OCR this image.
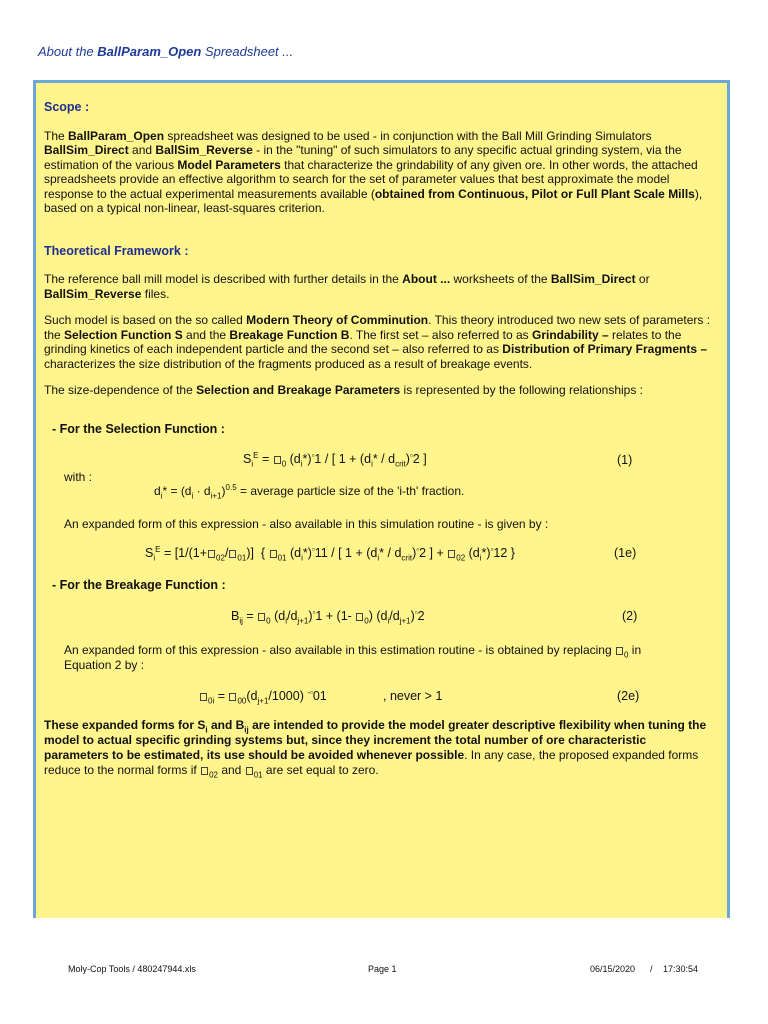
About the BallParam_Open Spreadsheet ...
Scope :

The BallParam_Open spreadsheet was designed to be used - in conjunction with the Ball Mill Grinding Simulators BallSim_Direct and BallSim_Reverse - in the "tuning" of such simulators to any specific actual grinding system, via the estimation of the various Model Parameters that characterize the grindability of any given ore. In other words, the attached spreadsheets provide an effective algorithm to search for the set of parameter values that best approximate the model response to the actual experimental measurements available (obtained from Continuous, Pilot or Full Plant Scale Mills), based on a typical non-linear, least-squares criterion.

Theoretical Framework :

The reference ball mill model is described with further details in the About ... worksheets of the BallSim_Direct or BallSim_Reverse files.

Such model is based on the so called Modern Theory of Comminution. This theory introduced two new sets of parameters : the Selection Function S and the Breakage Function B. The first set – also referred to as Grindability – relates to the grinding kinetics of each independent particle and the second set – also referred to as Distribution of Primary Fragments – characterizes the size distribution of the fragments produced as a result of breakage events.

The size-dependence of the Selection and Breakage Parameters is represented by the following relationships :

- For the Selection Function :
$S_i^E = _0$ $(d_i*)^▫1$ / [ $1 + (d_i* / d_{crit})^▫2$ ]	(1)
with :
$d_i* = (d_i \cdot d_{i+1})^{0.5}$ = average particle size of the 'i-th' fraction.
An expanded form of this expression - also available in this simulation routine - is given by :
$S_i^E = [1/(1+ _{02}/$ $_{01}$)]  { $_{01}$ $(d_i*)^▫11$ / [ $1 + (d_i* / d_{crit})^▫2$ ] + $_{02}$ $(d_i*)^▫12$ }	(1e)
- For the Breakage Function :
$B_{ij} = _0$ $(d_i/d_{j+1})^▫1 + (1-$ $_0$) $(d_i/d_{j+1})^▫2$	(2)
An expanded form of this expression - also available in this estimation routine - is obtained by replacing $_0$ in
Equation 2 by :
$_{0i} = _{00}(d_{j+1}/1000)$ -▫01	, never > 1	(2e)
These expanded forms for $S_i$ and $B_{ij}$ are intended to provide the model greater descriptive flexibility when tuning the model to actual specific grinding systems but, since they increment the total number of ore characteristic parameters to be estimated, its use should be avoided whenever possible. In any case, the proposed expanded forms reduce to the normal forms if $_{02}$ and $_{01}$ are set equal to zero.
Moly-Cop Tools / 480247944.xls	Page 1	06/15/2020 / 17:30:54
